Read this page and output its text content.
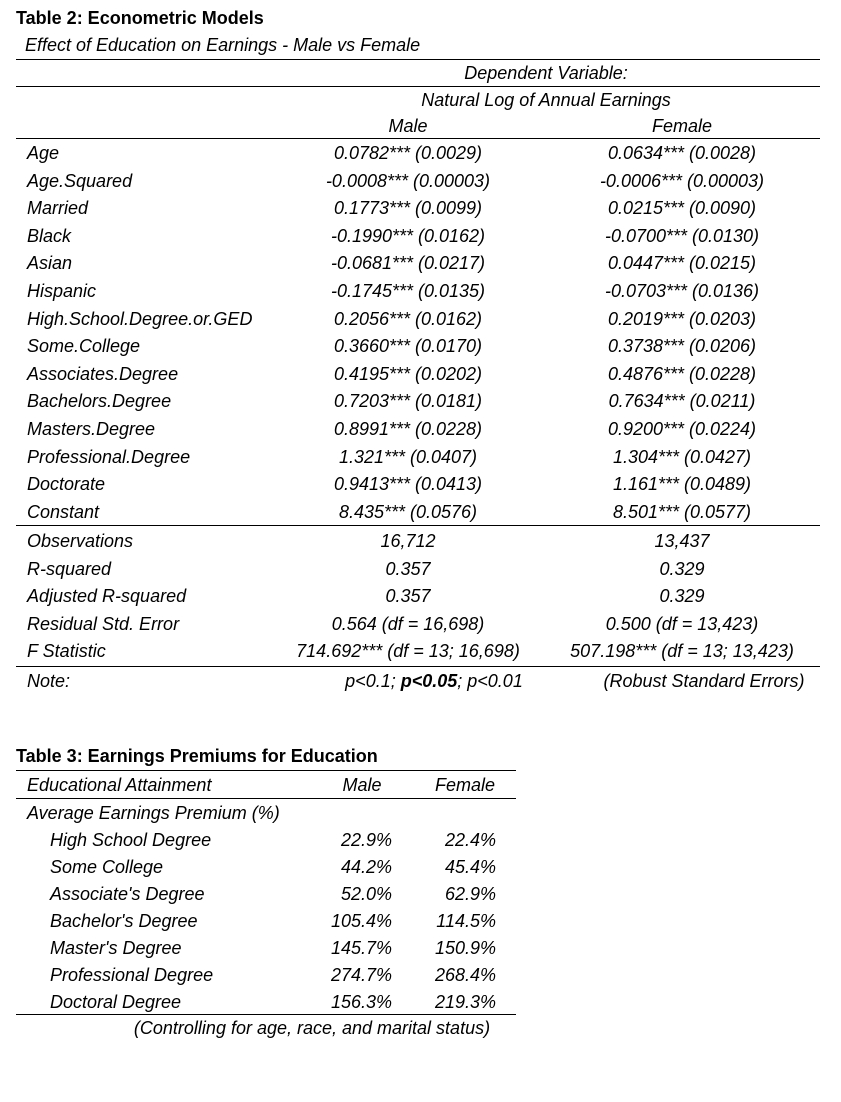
Table 2: Econometric Models
Effect of Education on Earnings - Male vs Female
Dependent Variable:
Natural Log of Annual Earnings
Male	Female
Age	0.0782*** (0.0029)	0.0634*** (0.0028)
Age.Squared	-0.0008*** (0.00003)	-0.0006*** (0.00003)
Married	0.1773*** (0.0099)	0.0215*** (0.0090)
Black	-0.1990*** (0.0162)	-0.0700*** (0.0130)
Asian	-0.0681*** (0.0217)	0.0447*** (0.0215)
Hispanic	-0.1745*** (0.0135)	-0.0703*** (0.0136)
High.School.Degree.or.GED	0.2056*** (0.0162)	0.2019*** (0.0203)
Some.College	0.3660*** (0.0170)	0.3738*** (0.0206)
Associates.Degree	0.4195*** (0.0202)	0.4876*** (0.0228)
Bachelors.Degree	0.7203*** (0.0181)	0.7634*** (0.0211)
Masters.Degree	0.8991*** (0.0228)	0.9200*** (0.0224)
Professional.Degree	1.321*** (0.0407)	1.304*** (0.0427)
Doctorate	0.9413*** (0.0413)	1.161*** (0.0489)
Constant	8.435*** (0.0576)	8.501*** (0.0577)
Observations	16,712	13,437
R-squared	0.357	0.329
Adjusted R-squared	0.357	0.329
Residual Std. Error	0.564 (df = 16,698)	0.500 (df = 13,423)
F Statistic	714.692*** (df = 13; 16,698)	507.198*** (df = 13; 13,423)
Note:	p<0.1; p<0.05; p<0.01	(Robust Standard Errors)
Table 3: Earnings Premiums for Education
Educational Attainment	Male	Female
Average Earnings Premium (%)
High School Degree	22.9%	22.4%
Some College	44.2%	45.4%
Associate's Degree	52.0%	62.9%
Bachelor's Degree	105.4% 114.5%
Master's Degree	145.7% 150.9%
Professional Degree	274.7% 268.4%
Doctoral Degree	156.3% 219.3%
(Controlling for age, race, and marital status)
